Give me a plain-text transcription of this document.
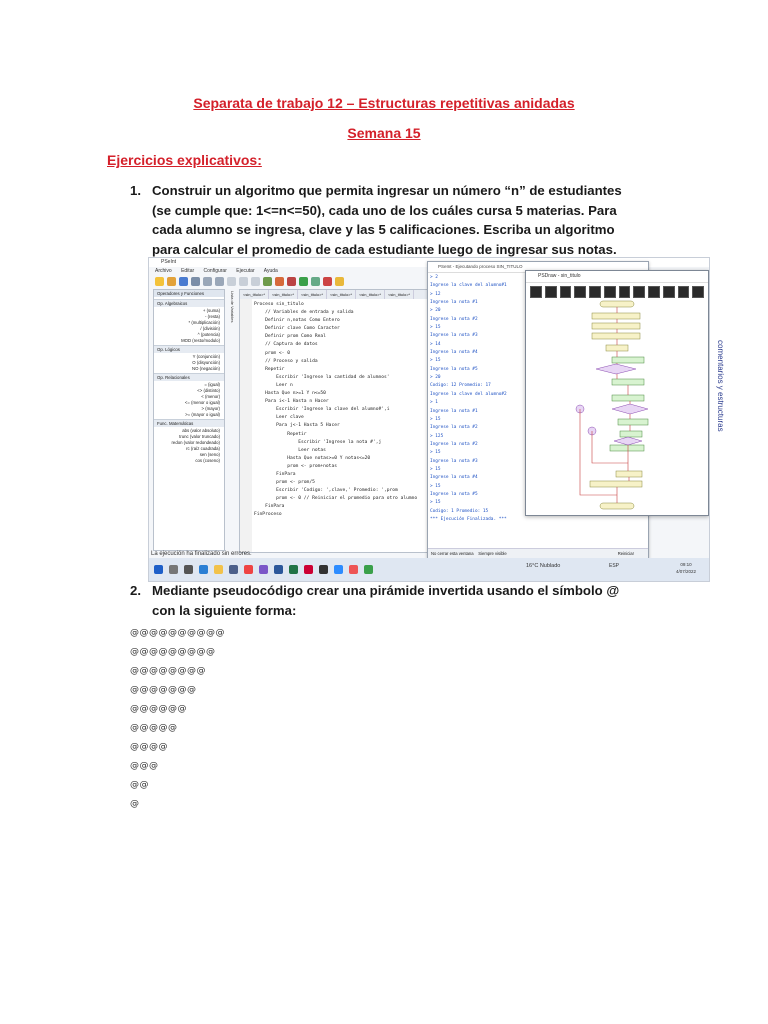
Separata de trabajo 12 – Estructuras repetitivas anidadas
Semana 15
Ejercicios explicativos:
1. Construir un algoritmo que permita ingresar un número “n” de estudiantes (se cumple que: 1<=n<=50), cada uno de los cuáles cursa 5 materias. Para cada alumno se ingresa, clave y las 5 calificaciones. Escriba un algoritmo para calcular el promedio de cada estudiante luego de ingresar sus notas.
PSeInt
Archivo Editar Configurar Ejecutar Ayuda
Operadores y Funciones
Op. Algebraicos
+ (suma)
- (resta)
* (multiplicación)
/ (división)
^ (potencia)
MOD (resto/modulo)
Op. Lógicos
Y (conjunción)
O (disyunción)
NO (negación)
Op. Relacionales
= (igual)
<> (distinto)
< (menor)
<= (menor o igual)
> (mayor)
>= (mayor o igual)
Func. Matemáticas
abs (valor absoluto)
trunc (valor truncado)
redon (valor redondeado)
rc (raíz cuadrada)
sen (seno)
cos (coseno)
Lista de Variables	<sin_titulo>*	<sin_titulo>*	<sin_titulo>*	<sin_titulo>*	<sin_titulo>*	<sin_titulo>*
Proceso sin_titulo
// Variables de entrada y salida
Definir n,notas Como Entero
Definir clave Como Caracter
Definir prom Como Real
// Captura de datos
prom <- 0
// Proceso y salida
Repetir
Escribir 'Ingrese la cantidad de alumnos'
Leer n
Hasta Que n>=1 Y n<=50
Para i<-1 Hasta n Hacer
Escribir 'Ingrese la clave del alumno#',i
Leer clave
Para j<-1 Hasta 5 Hacer
Repetir
Escribir 'Ingrese la nota #',j
Leer notas
Hasta Que notas>=0 Y notas<=20
prom <- prom+notas
FinPara
prom <- prom/5
Escribir 'Codigo: ',clave,' Promedio: ',prom
prom <- 0 // Reiniciar el promedio para otro alumno
FinPara
FinProceso
La ejecución ha finalizado sin errores.
PSeInt - Ejecutando proceso SIN_TITULO
> 2
Ingrese la clave del alumno#1
> 12
Ingrese la nota #1
> 20
Ingrese la nota #2
> 15
Ingrese la nota #3
> 14
Ingrese la nota #4
> 15
Ingrese la nota #5
> 20
Codigo: 12 Promedio: 17
Ingrese la clave del alumno#2
> 1
Ingrese la nota #1
> 15
Ingrese la nota #2
> 125
Ingrese la nota #2
> 15
Ingrese la nota #3
> 15
Ingrese la nota #4
> 15
Ingrese la nota #5
> 15
Codigo: 1 Promedio: 15
*** Ejecución Finalizada. ***
No cerrar esta ventana Siempre visible	Reiniciar
PSDraw - sin_titulo
16°C Nublado	ESP	09:10
4/07/2022
comentarios y estructuras
2. Mediante pseudocódigo crear una pirámide invertida usando el símbolo @ con la siguiente forma:
@@@@@@@@@@
@@@@@@@@@
@@@@@@@@
@@@@@@@
@@@@@@
@@@@@
@@@@
@@@
@@
@
